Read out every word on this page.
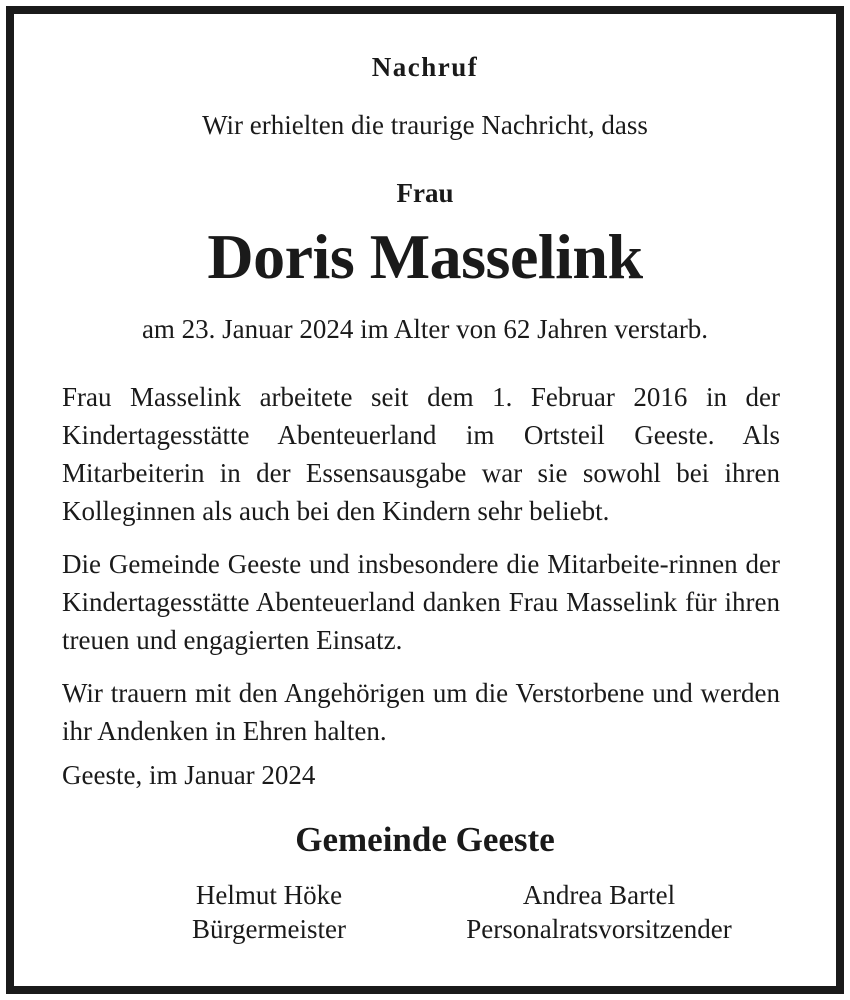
Nachruf
Wir erhielten die traurige Nachricht, dass
Frau
Doris Masselink
am 23. Januar 2024 im Alter von 62 Jahren verstarb.
Frau Masselink arbeitete seit dem 1. Februar 2016 in der Kindertagesstätte Abenteuerland im Ortsteil Geeste. Als Mitarbeiterin in der Essensausgabe war sie sowohl bei ihren Kolleginnen als auch bei den Kindern sehr beliebt.
Die Gemeinde Geeste und insbesondere die Mitarbeite-rinnen der Kindertagesstätte Abenteuerland danken Frau Masselink für ihren treuen und engagierten Einsatz.
Wir trauern mit den Angehörigen um die Verstorbene und werden ihr Andenken in Ehren halten.
Geeste, im Januar 2024
Gemeinde Geeste
Helmut Höke
Bürgermeister
Andrea Bartel
Personalratsvorsitzender
